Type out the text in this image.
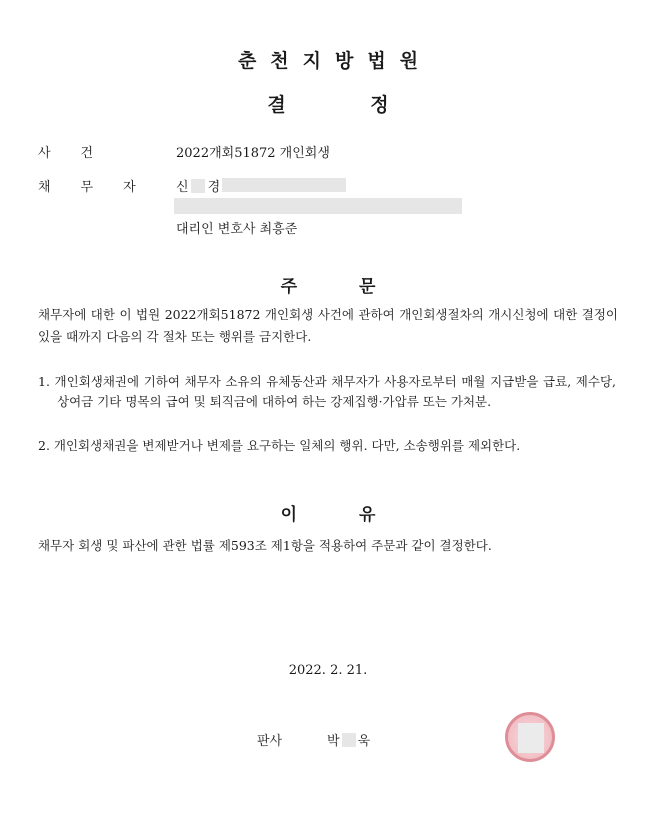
춘천지방법원
결 정
사건	2022개회51872 개인회생
채무자 신 경
대리인 변호사 최흥준
주 문
채무자에 대한 이 법원 2022개회51872 개인회생 사건에 관하여 개인회생절차의 개시신청에 대한 결정이 있을 때까지 다음의 각 절차 또는 행위를 금지한다.
1. 개인회생채권에 기하여 채무자 소유의 유체동산과 채무자가 사용자로부터 매월 지급받을 급료, 제수당, 상여금 기타 명목의 급여 및 퇴직금에 대하여 하는 강제집행·가압류 또는 가처분.
2. 개인회생채권을 변제받거나 변제를 요구하는 일체의 행위. 다만, 소송행위를 제외한다.
이 유
채무자 회생 및 파산에 관한 법률 제593조 제1항을 적용하여 주문과 같이 결정한다.
2022. 2. 21.
판사	박 욱
